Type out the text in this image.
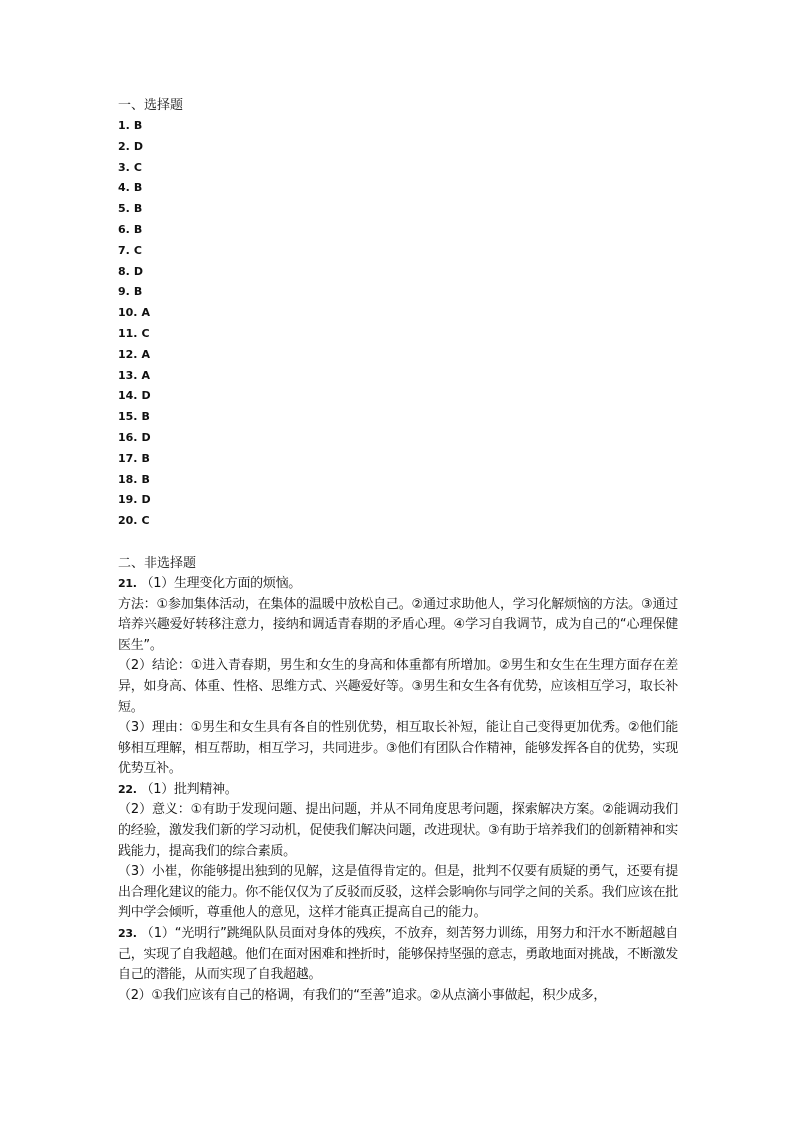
一、选择题
1. B
2. D
3. C
4. B
5. B
6. B
7. C
8. D
9. B
10. A
11. C
12. A
13. A
14. D
15. B
16. D
17. B
18. B
19. D
20. C
二、非选择题

21. （1）生理变化方面的烦恼。

方法：①参加集体活动，在集体的温暖中放松自己。②通过求助他人，学习化解烦恼的方法。③通过培养兴趣爱好转移注意力，接纳和调适青春期的矛盾心理。④学习自我调节，成为自己的“心理保健医生”。

（2）结论：①进入青春期，男生和女生的身高和体重都有所增加。②男生和女生在生理方面存在差异，如身高、体重、性格、思维方式、兴趣爱好等。③男生和女生各有优势，应该相互学习，取长补短。

（3）理由：①男生和女生具有各自的性别优势，相互取长补短，能让自己变得更加优秀。②他们能够相互理解，相互帮助，相互学习，共同进步。③他们有团队合作精神，能够发挥各自的优势，实现优势互补。

22. （1）批判精神。

（2）意义：①有助于发现问题、提出问题，并从不同角度思考问题，探索解决方案。②能调动我们的经验，激发我们新的学习动机，促使我们解决问题，改进现状。③有助于培养我们的创新精神和实践能力，提高我们的综合素质。

（3）小崔，你能够提出独到的见解，这是值得肯定的。但是，批判不仅要有质疑的勇气，还要有提出合理化建议的能力。你不能仅仅为了反驳而反驳，这样会影响你与同学之间的关系。我们应该在批判中学会倾听，尊重他人的意见，这样才能真正提高自己的能力。

23. （1）“光明行”跳绳队队员面对身体的残疾，不放弃，刻苦努力训练，用努力和汗水不断超越自己，实现了自我超越。他们在面对困难和挫折时，能够保持坚强的意志，勇敢地面对挑战，不断激发自己的潜能，从而实现了自我超越。

（2）①我们应该有自己的格调，有我们的“至善”追求。②从点滴小事做起，积少成多，
